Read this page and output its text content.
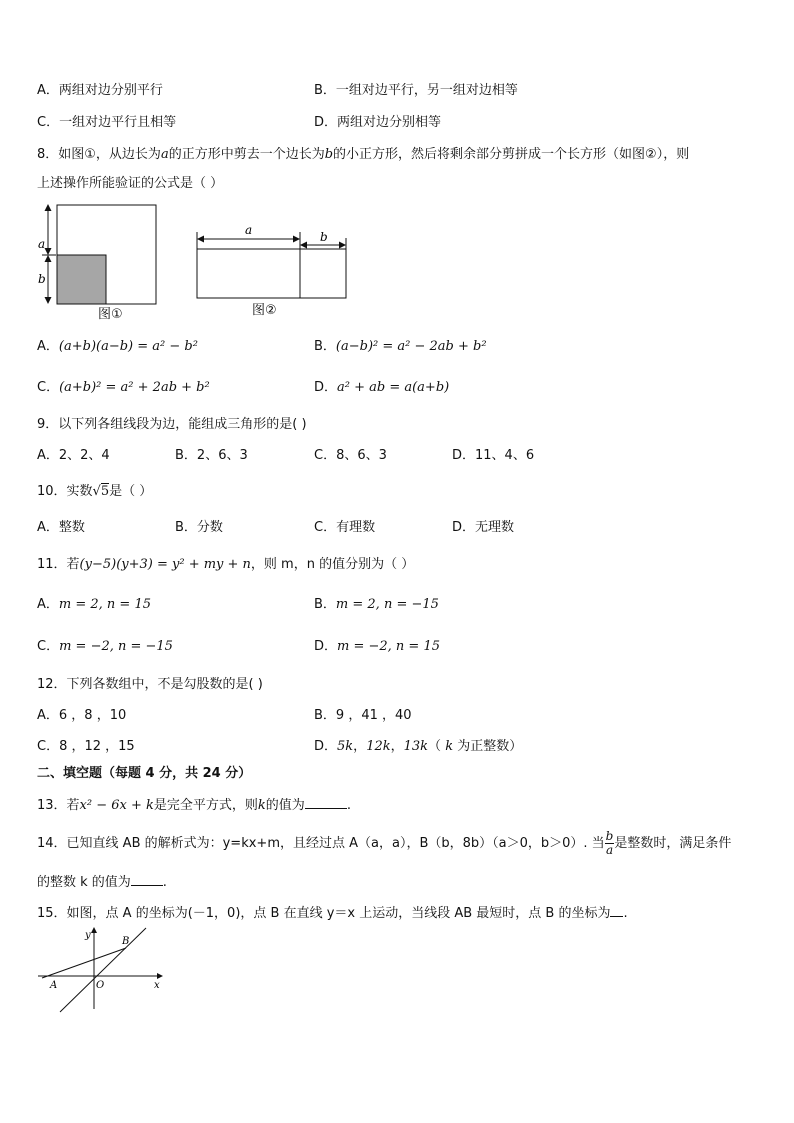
A．两组对边分别平行	B．一组对边平行，另一组对边相等
C．一组对边平行且相等	D．两组对边分别相等
8．如图①，从边长为a的正方形中剪去一个边长为b的小正方形，然后将剩余部分剪拼成一个长方形（如图②），则
上述操作所能验证的公式是（ ）
a
b
图①
a	b
图②
A．(a+b)(a−b) = a² − b²	B．(a−b)² = a² − 2ab + b²
C．(a+b)² = a² + 2ab + b²	D．a² + ab = a(a+b)
9．以下列各组线段为边，能组成三角形的是( )
A．2、2、4	B．2、6、3	C．8、6、3	D．11、4、6
10．实数√5是（ ）
A．整数	B．分数	C．有理数	D．无理数
11．若(y−5)(y+3) = y² + my + n，则 m，n 的值分别为（ ）
A．m = 2, n = 15	B．m = 2, n = −15
C．m = −2, n = −15	D．m = −2, n = 15
12．下列各数组中，不是勾股数的是( )
A．6 ，8 ，10	B．9 ，41 ，40
C．8 ，12 ，15	D．5k，12k，13k（ k 为正整数）
二、填空题（每题 4 分，共 24 分）
13．若x² − 6x + k是完全平方式，则k的值为	.
14．已知直线 AB 的解析式为：y=kx+m，且经过点 A（a，a），B（b，8b）（a＞0，b＞0）. 当 $\frac{b}{a}$ 是整数时，满足条件
的整数 k 的值为 .
15．如图，点 A 的坐标为(－1，0)，点 B 在直线 y＝x 上运动，当线段 AB 最短时，点 B 的坐标为 .
y
x
B
A	O
